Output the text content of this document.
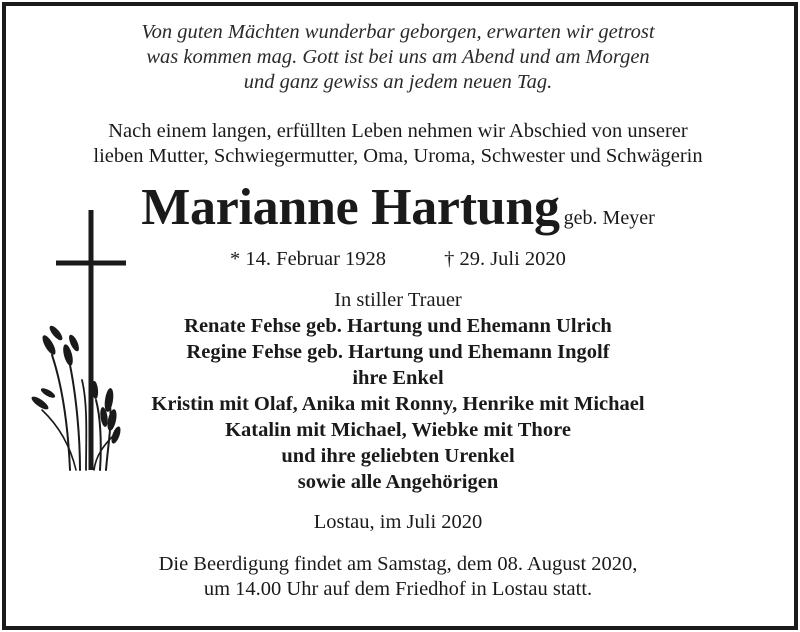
Von guten Mächten wunderbar geborgen, erwarten wir getrost
was kommen mag. Gott ist bei uns am Abend und am Morgen
und ganz gewiss an jedem neuen Tag.
Nach einem langen, erfüllten Leben nehmen wir Abschied von unserer
lieben Mutter, Schwiegermutter, Oma, Uroma, Schwester und Schwägerin
Marianne Hartung geb. Meyer
* 14. Februar 1928	† 29. Juli 2020
In stiller Trauer
Renate Fehse geb. Hartung und Ehemann Ulrich
Regine Fehse geb. Hartung und Ehemann Ingolf
ihre Enkel
Kristin mit Olaf, Anika mit Ronny, Henrike mit Michael
Katalin mit Michael, Wiebke mit Thore
und ihre geliebten Urenkel
sowie alle Angehörigen
Lostau, im Juli 2020
Die Beerdigung findet am Samstag, dem 08. August 2020,
um 14.00 Uhr auf dem Friedhof in Lostau statt.
